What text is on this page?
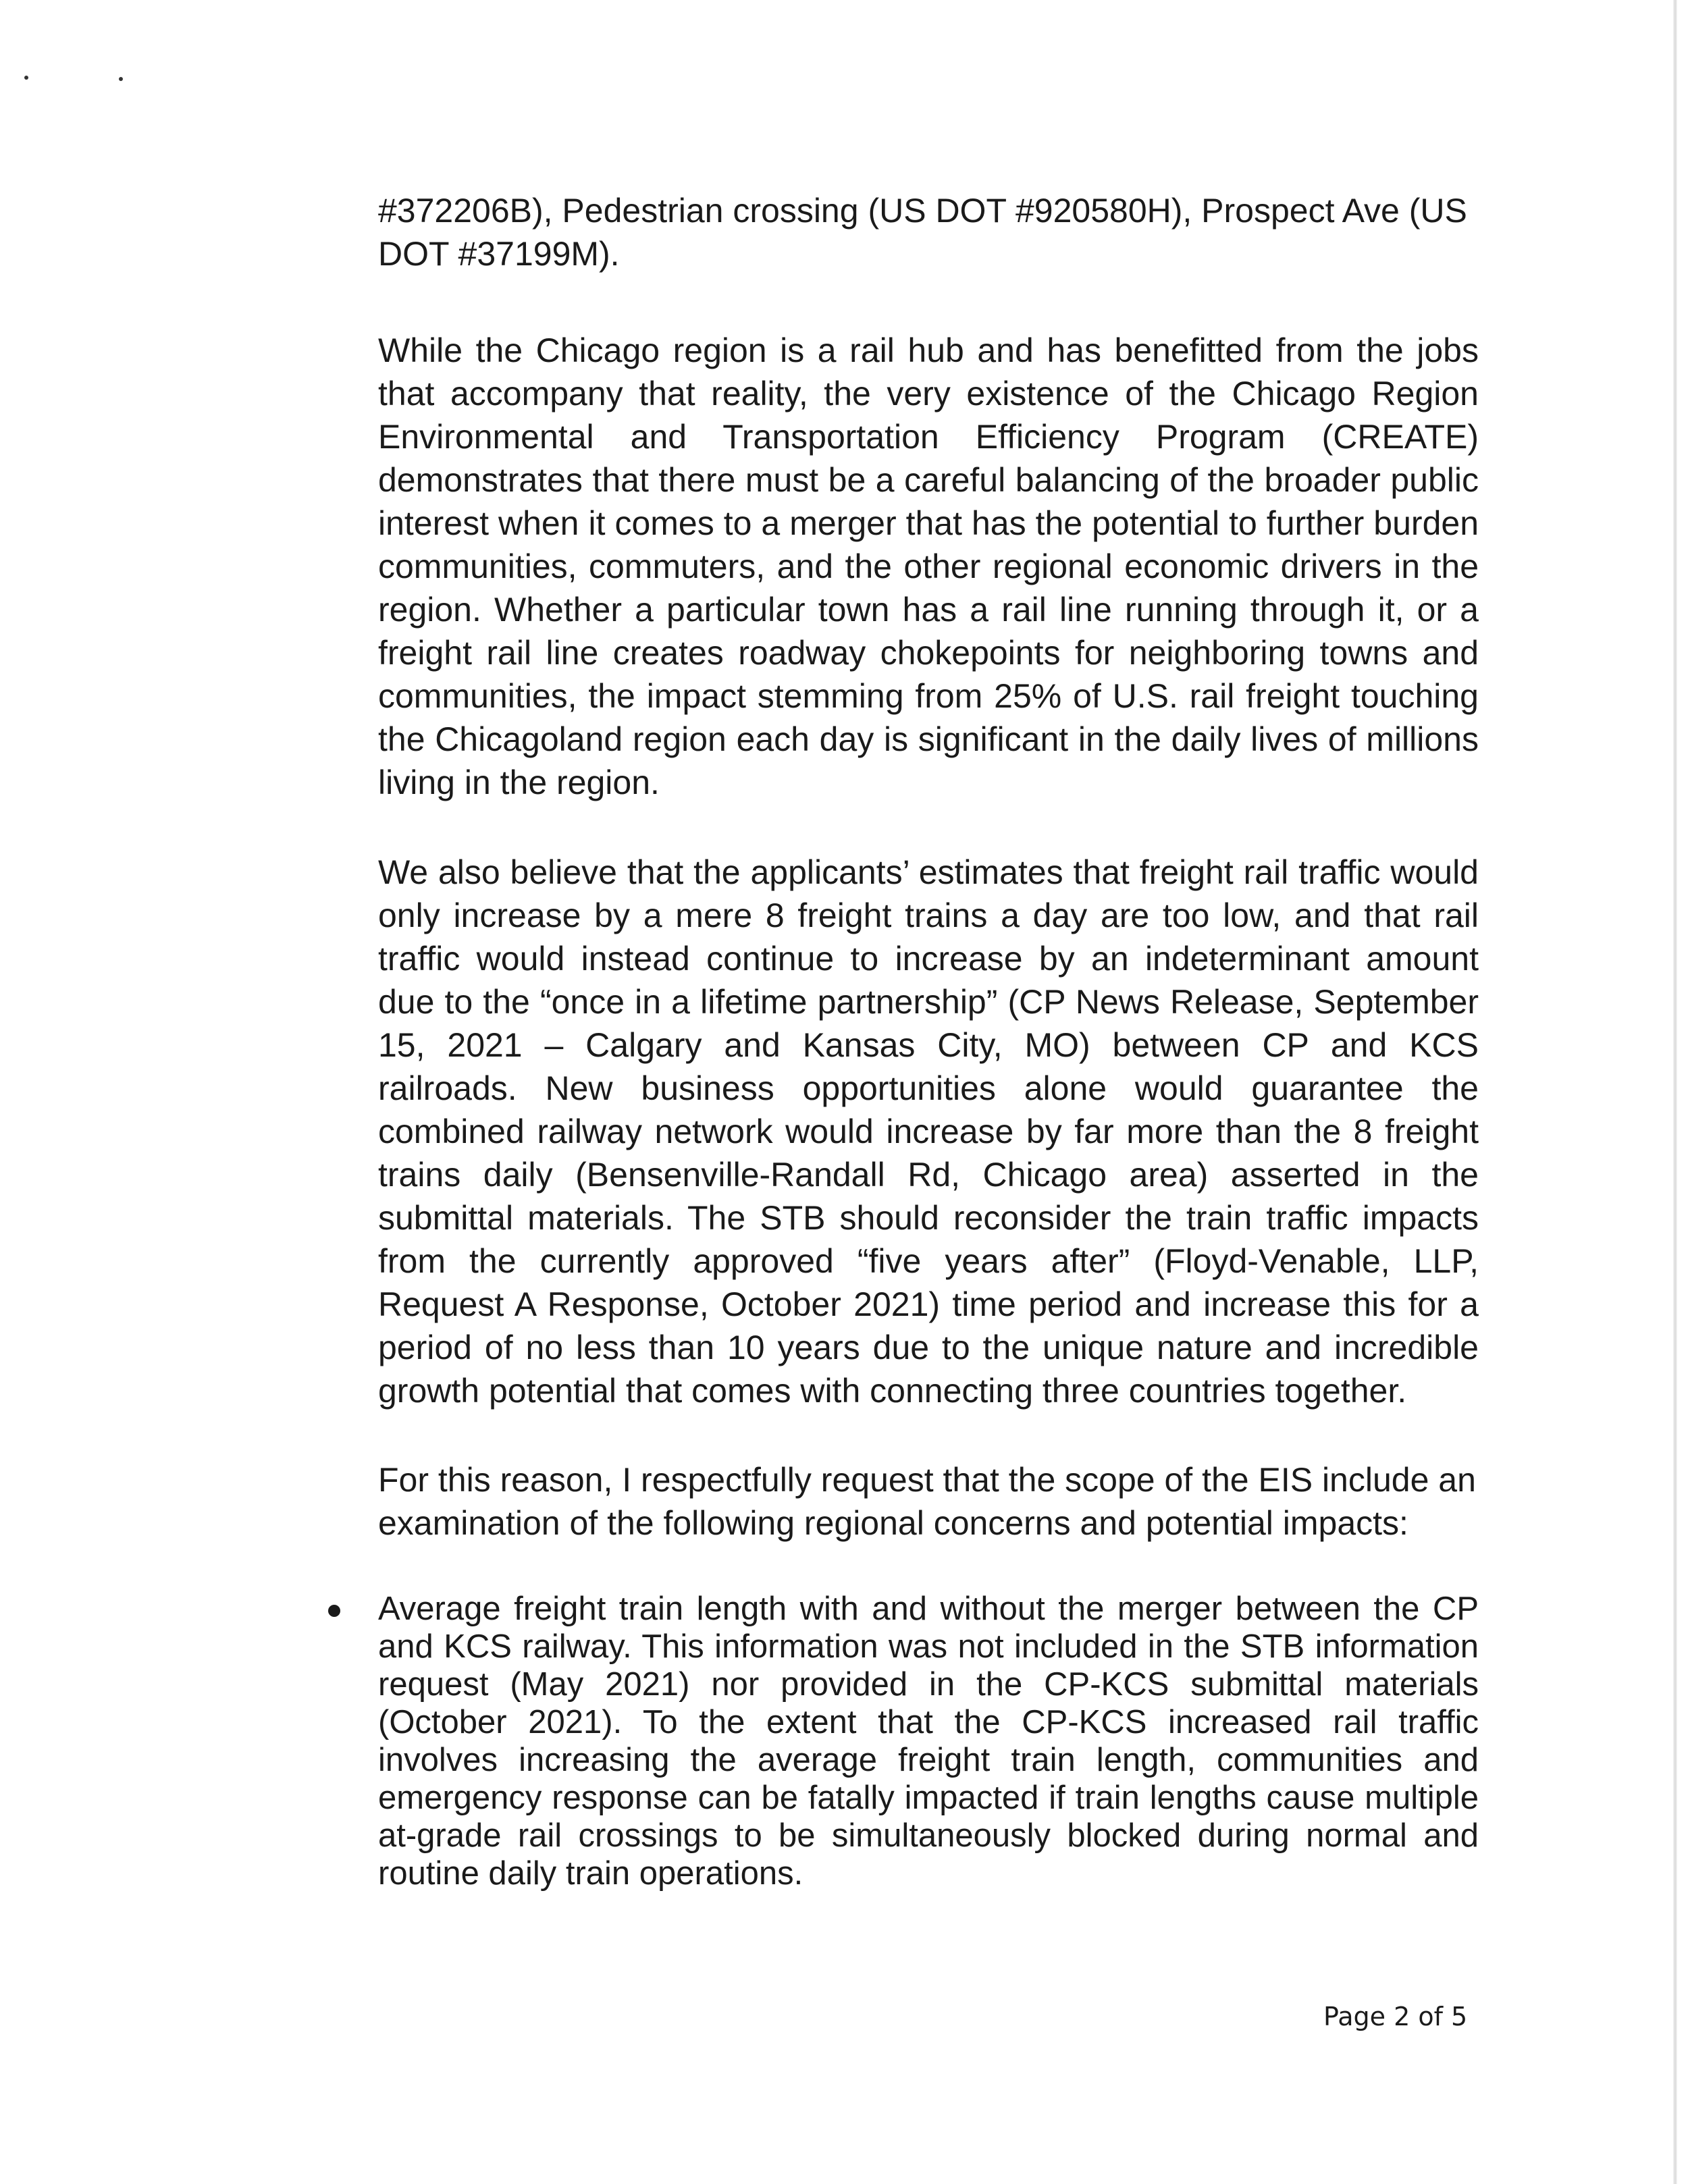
#372206B), Pedestrian crossing (US DOT #920580H), Prospect Ave (US DOT #37199M).

While the Chicago region is a rail hub and has benefitted from the jobs that accompany that reality, the very existence of the Chicago Region Environmental and Transportation Efficiency Program (CREATE) demonstrates that there must be a careful balancing of the broader public interest when it comes to a merger that has the potential to further burden communities, commuters, and the other regional economic drivers in the region. Whether a particular town has a rail line running through it, or a freight rail line creates roadway chokepoints for neighboring towns and communities, the impact stemming from 25% of U.S. rail freight touching the Chicagoland region each day is significant in the daily lives of millions living in the region.

We also believe that the applicants’ estimates that freight rail traffic would only increase by a mere 8 freight trains a day are too low, and that rail traffic would instead continue to increase by an indeterminant amount due to the “once in a lifetime partnership” (CP News Release, September 15, 2021 – Calgary and Kansas City, MO) between CP and KCS railroads. New business opportunities alone would guarantee the combined railway network would increase by far more than the 8 freight trains daily (Bensenville-Randall Rd, Chicago area) asserted in the submittal materials. The STB should reconsider the train traffic impacts from the currently approved “five years after” (Floyd-Venable, LLP, Request A Response, October 2021) time period and increase this for a period of no less than 10 years due to the unique nature and incredible growth potential that comes with connecting three countries together.

For this reason, I respectfully request that the scope of the EIS include an examination of the following regional concerns and potential impacts:

Average freight train length with and without the merger between the CP and KCS railway. This information was not included in the STB information request (May 2021) nor provided in the CP-KCS submittal materials (October 2021). To the extent that the CP-KCS increased rail traffic involves increasing the average freight train length, communities and emergency response can be fatally impacted if train lengths cause multiple at-grade rail crossings to be simultaneously blocked during normal and routine daily train operations.
Page 2 of 5
